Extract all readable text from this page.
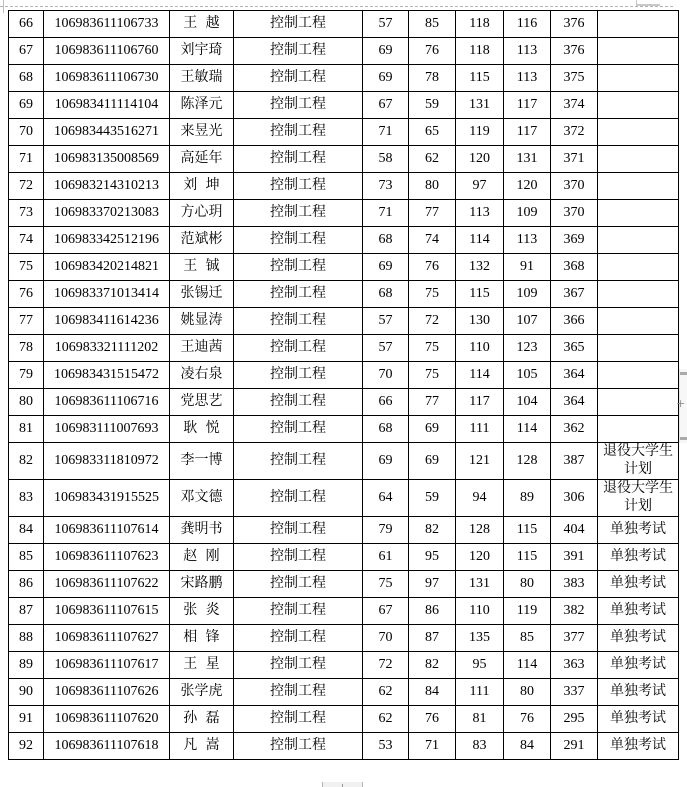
66	106983611106733	王越	控制工程	57	85	118	116	376	
67	106983611106760	刘宇琦	控制工程	69	76	118	113	376	
68	106983611106730	王敏瑞	控制工程	69	78	115	113	375	
69	106983411114104	陈泽元	控制工程	67	59	131	117	374	
70	106983443516271	来昱光	控制工程	71	65	119	117	372	
71	106983135008569	高延年	控制工程	58	62	120	131	371	
72	106983214310213	刘坤	控制工程	73	80	97	120	370	
73	106983370213083	方心玥	控制工程	71	77	113	109	370	
74	106983342512196	范斌彬	控制工程	68	74	114	113	369	
75	106983420214821	王铖	控制工程	69	76	132	91	368	
76	106983371013414	张锡迁	控制工程	68	75	115	109	367	
77	106983411614236	姚显涛	控制工程	57	72	130	107	366	
78	106983321111202	王迪茜	控制工程	57	75	110	123	365	
79	106983431515472	凌右泉	控制工程	70	75	114	105	364	
80	106983611106716	党思艺	控制工程	66	77	117	104	364	
81	106983111007693	耿悦	控制工程	68	69	111	114	362	
82	106983311810972	李一博	控制工程	69	69	121	128	387	退役大学生计划
83	106983431915525	邓文德	控制工程	64	59	94	89	306	退役大学生计划
84	106983611107614	龚明书	控制工程	79	82	128	115	404	单独考试
85	106983611107623	赵刚	控制工程	61	95	120	115	391	单独考试
86	106983611107622	宋路鹏	控制工程	75	97	131	80	383	单独考试
87	106983611107615	张炎	控制工程	67	86	110	119	382	单独考试
88	106983611107627	相锋	控制工程	70	87	135	85	377	单独考试
89	106983611107617	王星	控制工程	72	82	95	114	363	单独考试
90	106983611107626	张学虎	控制工程	62	84	111	80	337	单独考试
91	106983611107620	孙磊	控制工程	62	76	81	76	295	单独考试
92	106983611107618	凡嵩	控制工程	53	71	83	84	291	单独考试
+
